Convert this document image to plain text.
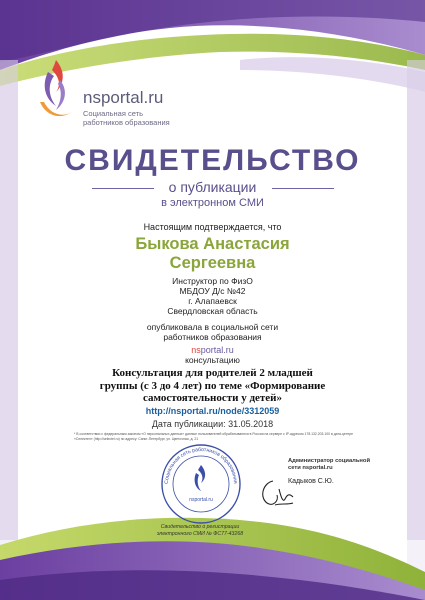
nsportal.ru
Социальная сеть работников образования
СВИДЕТЕЛЬСТВО
о публикации
в электронном СМИ
Настоящим подтверждается, что
Быкова Анастасия
Сергеевна
Инструктор по ФизО
МБДОУ Д/с №42
г. Алапаевск
Свердловская область
опубликовала в социальной сети
работников образования
nsportal.ru
консультацию
Консультация для родителей 2 младшей
группы (с 3 до 4 лет) по теме «Формирование
самостоятельности у детей»
http://nsportal.ru/node/3312059
Дата публикации: 31.05.2018
* В соответствии с федеральным законом «О персональных данных» данные пользователей обрабатываются в России на сервере с IP-адресом 178.132.203.100 в дата-центре «Селектел» (http://selectel.ru) по адресу: Санкт-Петербург, ул. Цветочная, д. 21
Социальная сеть работников образования
nsportal.ru
Администратор социальной
сети nsportal.ru
Кадыков С.Ю.
Свидетельство о регистрации
электронного СМИ № ФС77-43268
